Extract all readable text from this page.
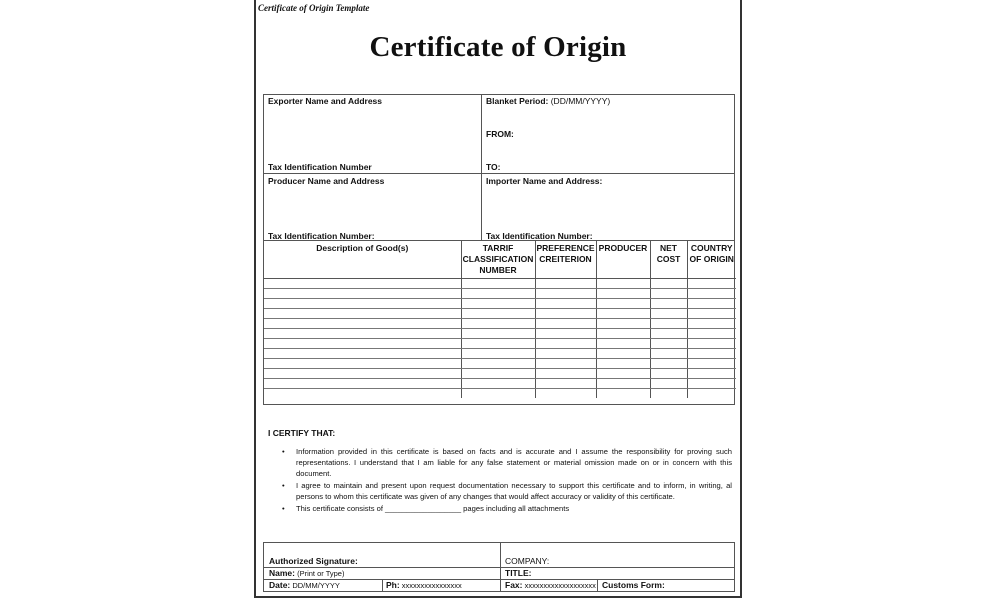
Certificate of Origin Template
Certificate of Origin
Exporter Name and Address
Tax Identification Number
Blanket Period: (DD/MM/YYYY)
FROM:
TO:
Producer Name and Address
Tax Identification Number:
Importer Name and Address:
Tax Identification Number:
Description of Good(s)	TARRIF CLASSIFICATION NUMBER	PREFERENCE CREITERION	PRODUCER	NET COST	COUNTRY OF ORIGIN

I CERTIFY THAT:
• Information provided in this certificate is based on facts and is accurate and I assume the responsibility for proving such representations. I understand that I am liable for any false statement or material omission made on or in concern with this document.
• I agree to maintain and present upon request documentation necessary to support this certificate and to inform, in writing, al persons to whom this certificate was given of any changes that would affect accuracy or validity of this certificate.
• This certificate consists of __________________ pages including all attachments
Authorized Signature:	COMPANY:
Name: (Print or Type)	TITLE:
Date: DD/MM/YYYY	Ph: xxxxxxxxxxxxxxxx	Fax: xxxxxxxxxxxxxxxxxxx Customs Form:
